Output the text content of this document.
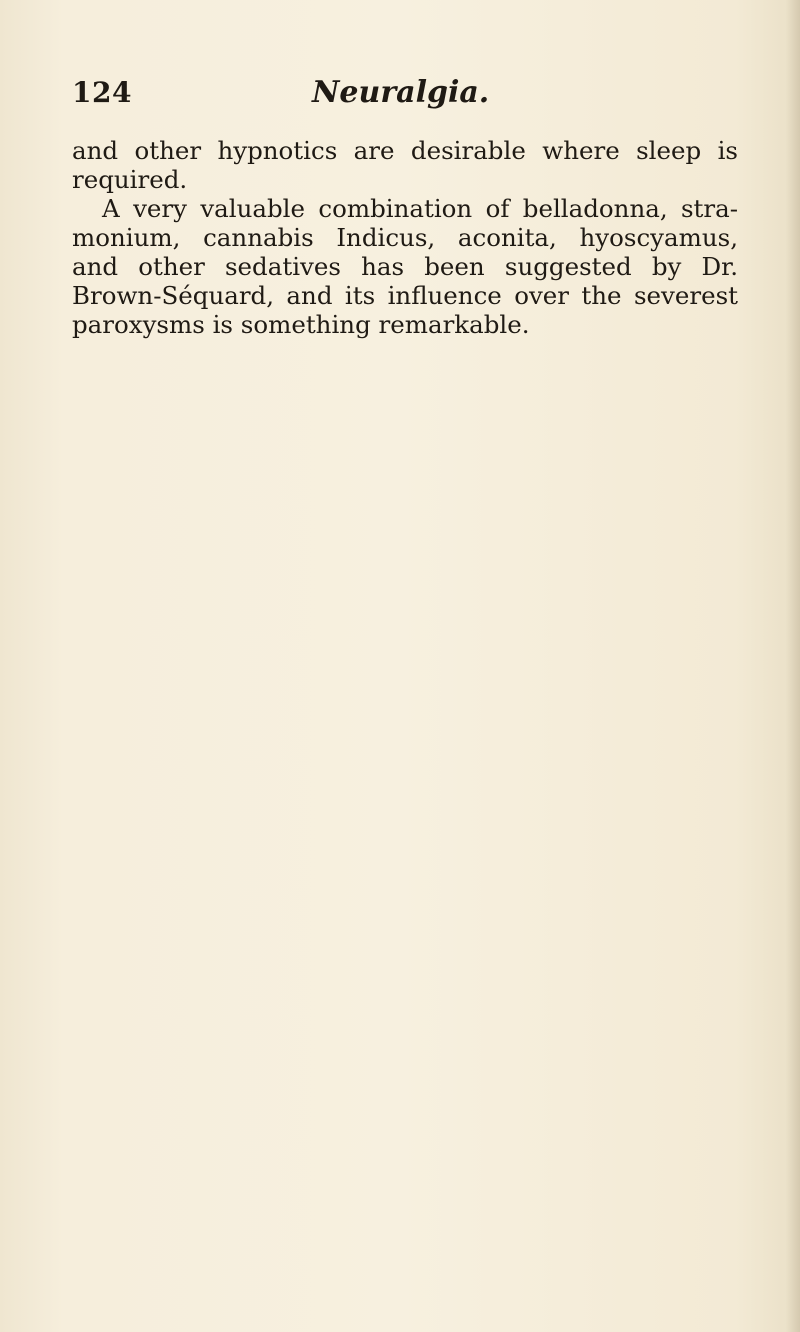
124	Neuralgia.
and other hypnotics are desirable where sleep is
required.
A very valuable combination of belladonna, stra-
monium, cannabis Indicus, aconita, hyoscyamus,
and other sedatives has been suggested by Dr.
Brown-Séquard, and its influence over the severest
paroxysms is something remarkable.
